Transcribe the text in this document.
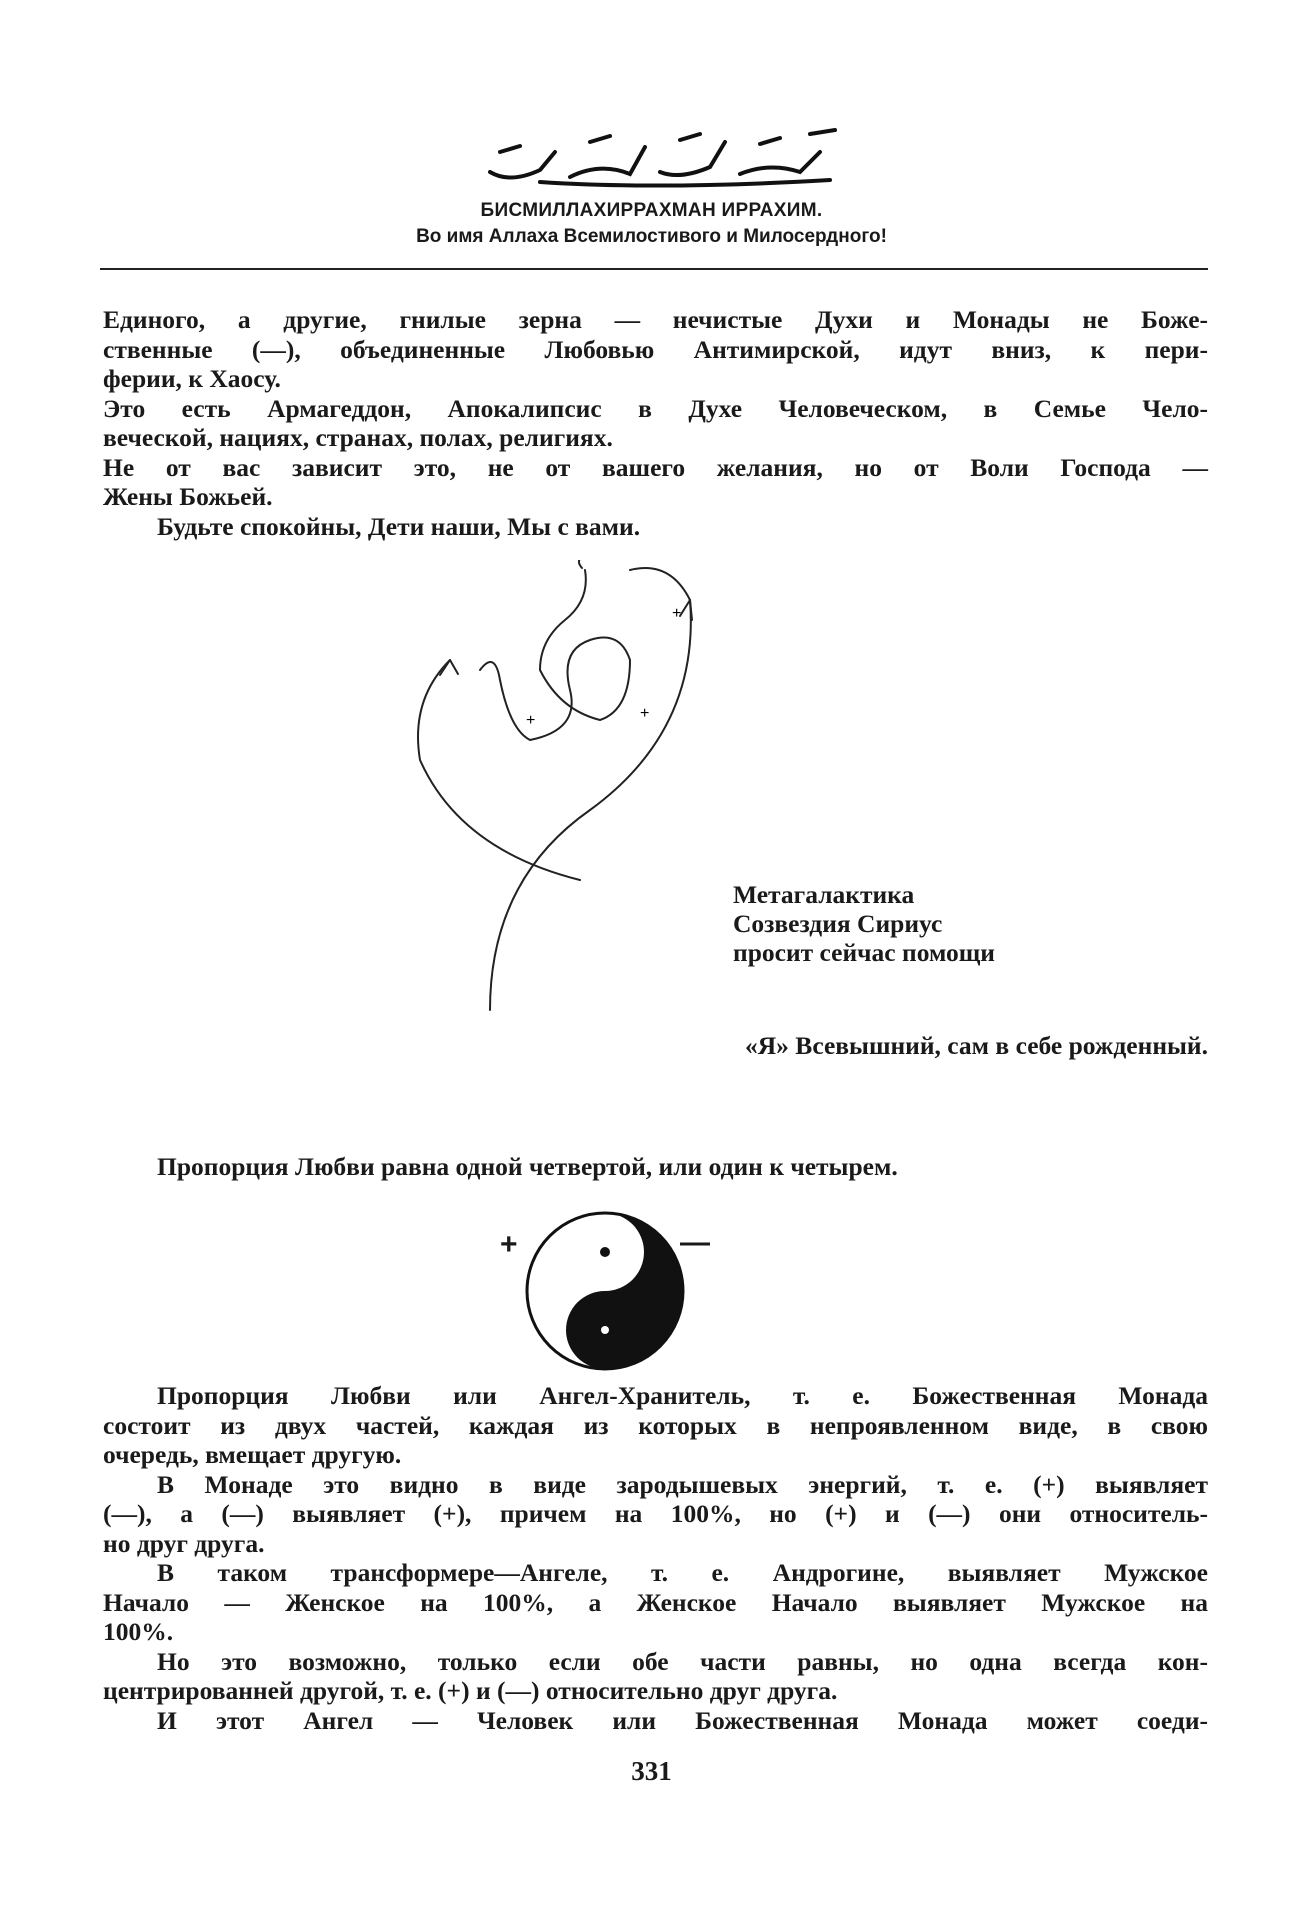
БИСМИЛЛАХИРРАХМАН ИРРАХИМ.
Во имя Аллаха Всемилостивого и Милосердного!
Единого, а другие, гнилые зерна — нечистые Духи и Монады не Боже-
ственные (—), объединенные Любовью Антимирской, идут вниз, к пери-
ферии, к Хаосу.
Это есть Армагеддон, Апокалипсис в Духе Человеческом, в Семье Чело-
веческой, нациях, странах, полах, религиях.
Не от вас зависит это, не от вашего желания, но от Воли Господа —
Жены Божьей.
Будьте спокойны, Дети наши, Мы с вами.
+
+	+
Метагалактика
Созвездия Сириус
просит сейчас помощи
«Я» Всевышний, сам в себе рожденный.
Пропорция Любви равна одной четвертой, или один к четырем.
+	—
Пропорция Любви или Ангел-Хранитель, т. е. Божественная Монада
состоит из двух частей, каждая из которых в непроявленном виде, в свою
очередь, вмещает другую.
В Монаде это видно в виде зародышевых энергий, т. е. (+) выявляет
(—), а (—) выявляет (+), причем на 100%, но (+) и (—) они относитель-
но друг друга.
В таком трансформере—Ангеле, т. е. Андрогине, выявляет Мужское
Начало — Женское на 100%, а Женское Начало выявляет Мужское на
100%.
Но это возможно, только если обе части равны, но одна всегда кон-
центрированней другой, т. е. (+) и (—) относительно друг друга.
И этот Ангел — Человек или Божественная Монада может соеди-
331
